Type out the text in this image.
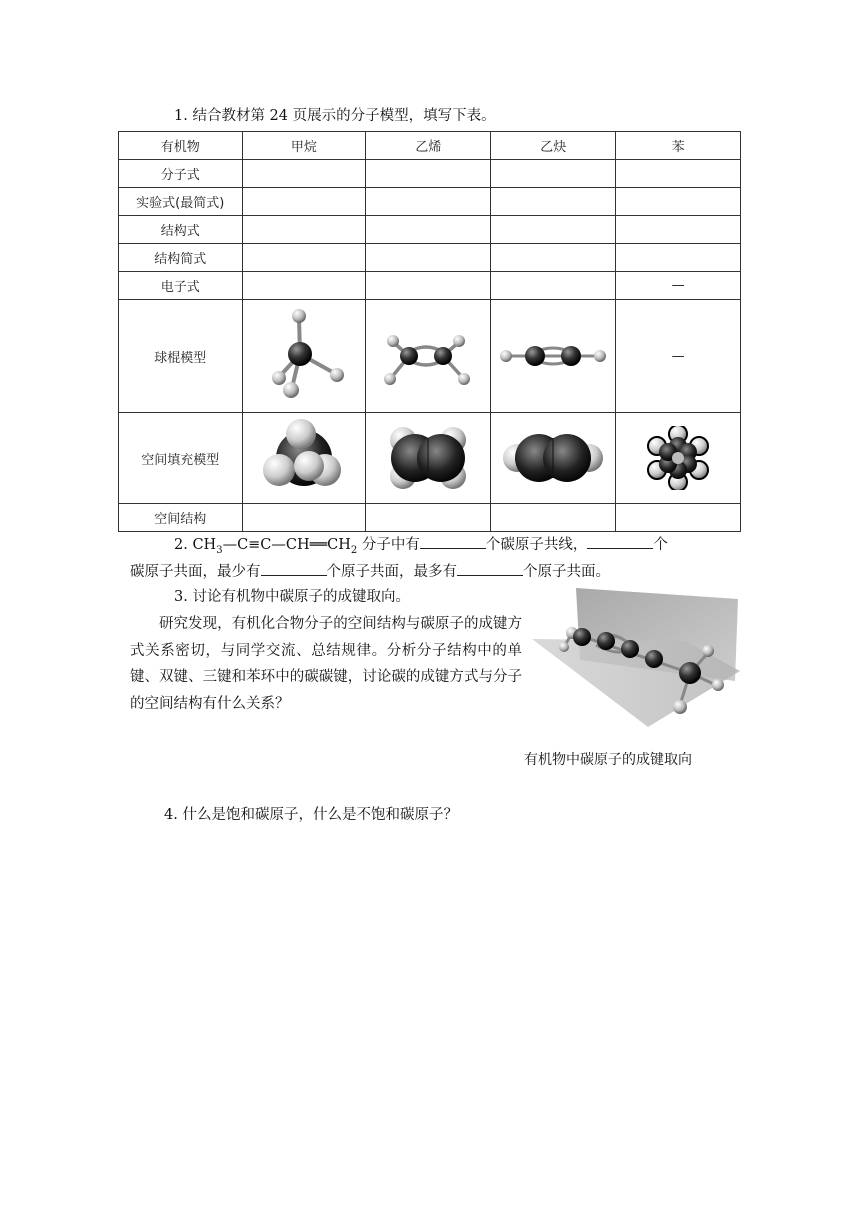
1. 结合教材第 24 页展示的分子模型，填写下表。
有机物	甲烷	乙烯	乙炔	苯
分子式				
实验式(最简式)				
结构式				
结构简式				
电子式				—
球棍模型				—
空间填充模型	

空间结构				
2. $CH_3—C\equiv C—CH══CH_2$ 分子中有	个碳原子共线，	个
碳原子共面，最少有	个原子共面，最多有	个原子共面。
3. 讨论有机物中碳原子的成键取向。
研究发现，有机化合物分子的空间结构与碳原子的成键方式关系密切，与同学交流、总结规律。分析分子结构中的单键、双键、三键和苯环中的碳碳键，讨论碳的成键方式与分子的空间结构有什么关系？
有机物中碳原子的成键取向
4. 什么是饱和碳原子，什么是不饱和碳原子？
